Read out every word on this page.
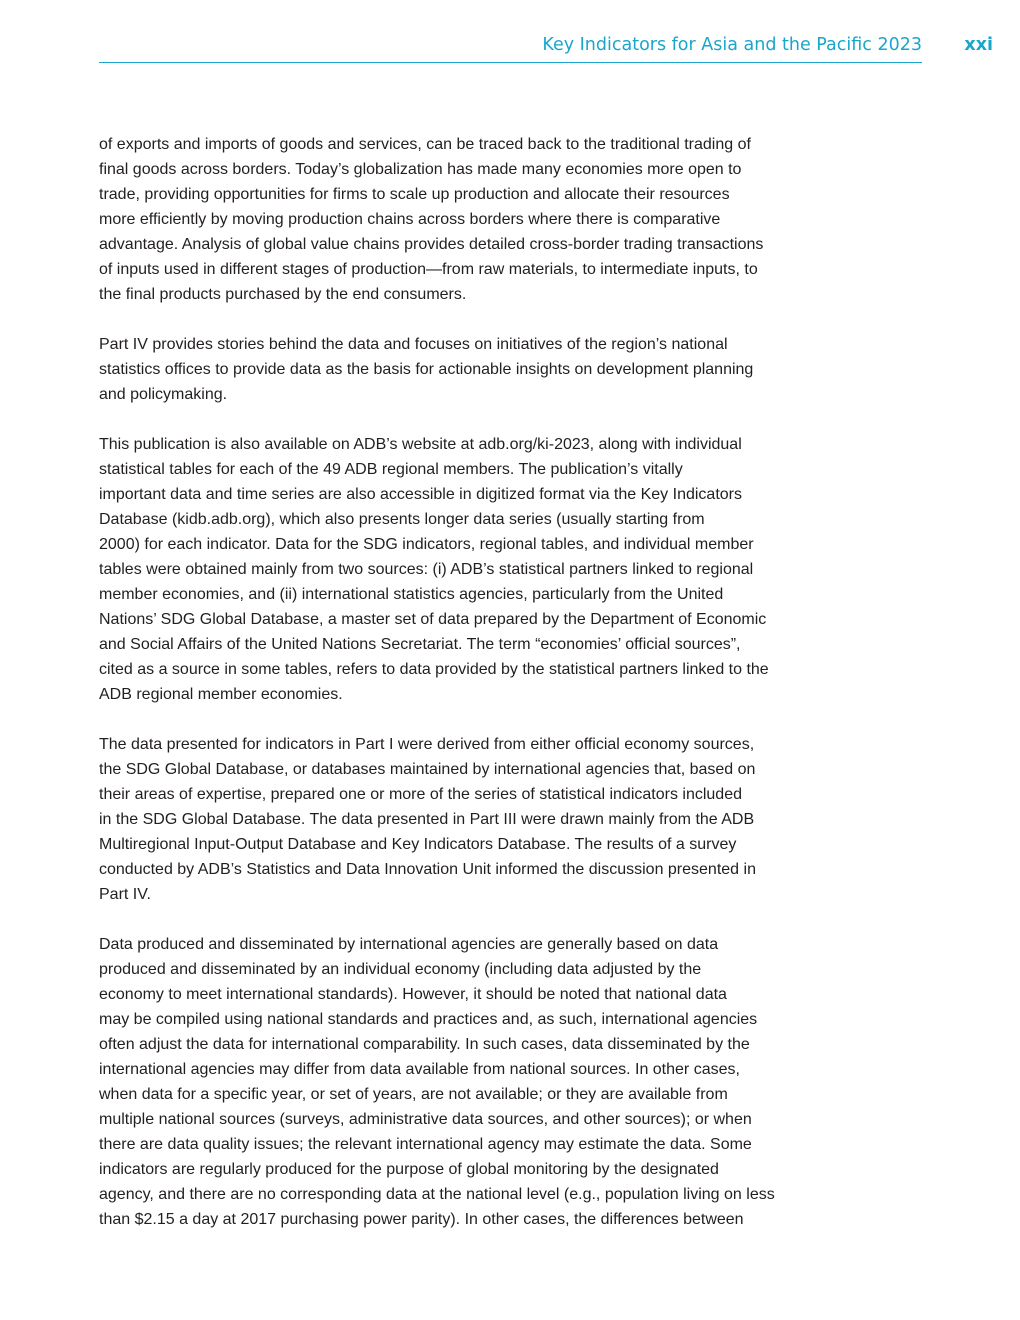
Key Indicators for Asia and the Pacific 2023	xxi
of exports and imports of goods and services, can be traced back to the traditional trading of
final goods across borders. Today’s globalization has made many economies more open to
trade, providing opportunities for firms to scale up production and allocate their resources
more efficiently by moving production chains across borders where there is comparative
advantage. Analysis of global value chains provides detailed cross-border trading transactions
of inputs used in different stages of production—from raw materials, to intermediate inputs, to
the final products purchased by the end consumers.
Part IV provides stories behind the data and focuses on initiatives of the region’s national
statistics offices to provide data as the basis for actionable insights on development planning
and policymaking.
This publication is also available on ADB’s website at adb.org/ki-2023, along with individual
statistical tables for each of the 49 ADB regional members. The publication’s vitally
important data and time series are also accessible in digitized format via the Key Indicators
Database (kidb.adb.org), which also presents longer data series (usually starting from
2000) for each indicator. Data for the SDG indicators, regional tables, and individual member
tables were obtained mainly from two sources: (i) ADB’s statistical partners linked to regional
member economies, and (ii) international statistics agencies, particularly from the United
Nations’ SDG Global Database, a master set of data prepared by the Department of Economic
and Social Affairs of the United Nations Secretariat. The term “economies’ official sources”,
cited as a source in some tables, refers to data provided by the statistical partners linked to the
ADB regional member economies.
The data presented for indicators in Part I were derived from either official economy sources,
the SDG Global Database, or databases maintained by international agencies that, based on
their areas of expertise, prepared one or more of the series of statistical indicators included
in the SDG Global Database. The data presented in Part III were drawn mainly from the ADB
Multiregional Input-Output Database and Key Indicators Database. The results of a survey
conducted by ADB’s Statistics and Data Innovation Unit informed the discussion presented in
Part IV.
Data produced and disseminated by international agencies are generally based on data
produced and disseminated by an individual economy (including data adjusted by the
economy to meet international standards). However, it should be noted that national data
may be compiled using national standards and practices and, as such, international agencies
often adjust the data for international comparability. In such cases, data disseminated by the
international agencies may differ from data available from national sources. In other cases,
when data for a specific year, or set of years, are not available; or they are available from
multiple national sources (surveys, administrative data sources, and other sources); or when
there are data quality issues; the relevant international agency may estimate the data. Some
indicators are regularly produced for the purpose of global monitoring by the designated
agency, and there are no corresponding data at the national level (e.g., population living on less
than $2.15 a day at 2017 purchasing power parity). In other cases, the differences between
